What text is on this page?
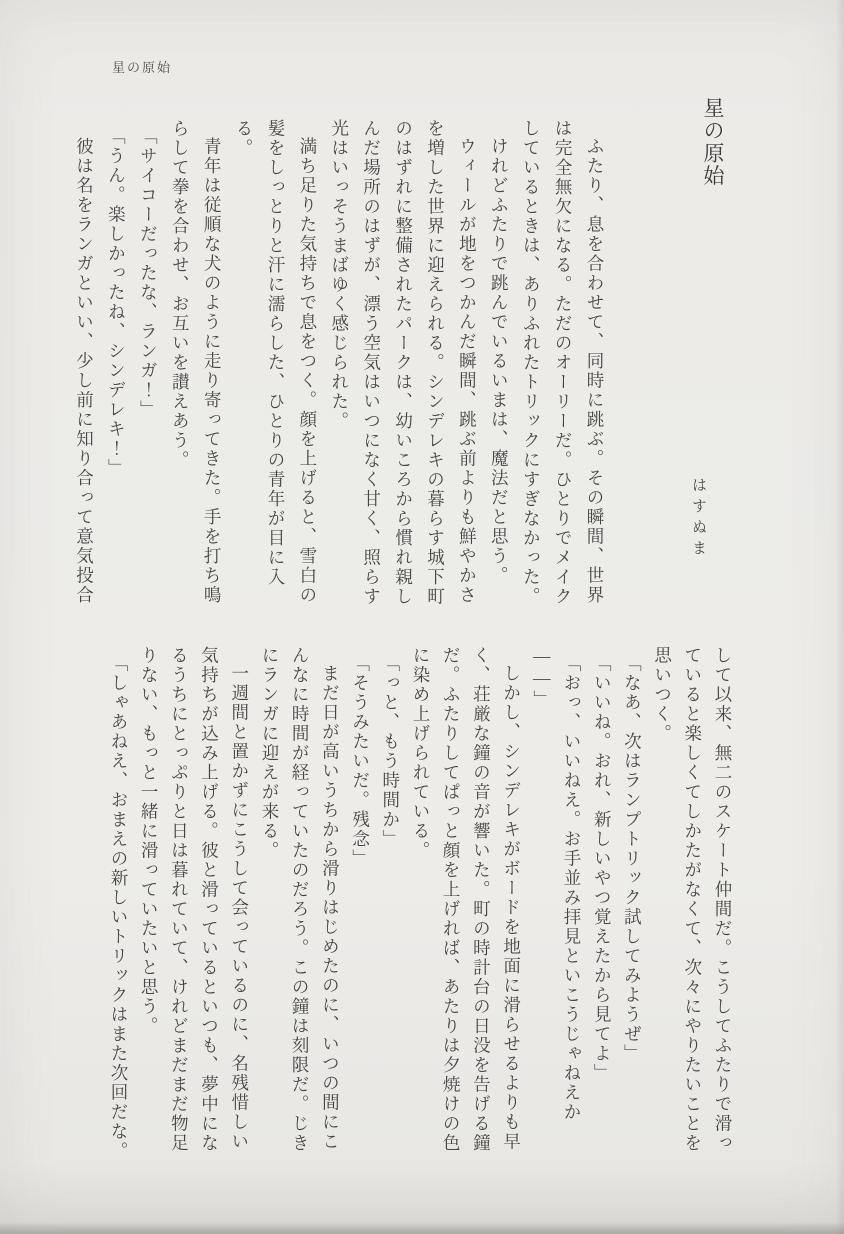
星の原始
星の原始
はすぬま

ふたり、息を合わせて、同時に跳ぶ。その瞬間、世界は完全無欠になる。ただのオーリーだ。ひとりでメイクしているときは、ありふれたトリックにすぎなかった。

けれどふたりで跳んでいるいまは、魔法だと思う。

ウィールが地をつかんだ瞬間、跳ぶ前よりも鮮やかさを増した世界に迎えられる。シンデレキの暮らす城下町のはずれに整備されたパークは、幼いころから慣れ親しんだ場所のはずが、漂う空気はいつになく甘く、照らす光はいっそうまばゆく感じられた。

満ち足りた気持ちで息をつく。顔を上げると、雪白の髪をしっとりと汗に濡らした、ひとりの青年が目に入る。

青年は従順な犬のように走り寄ってきた。手を打ち鳴らして拳を合わせ、お互いを讃えあう。

「サイコーだったな、ランガ！」

「うん。楽しかったね、シンデレキ！」

彼は名をランガといい、少し前に知り合って意気投合

して以来、無二のスケート仲間だ。こうしてふたりで滑っていると楽しくてしかたがなくて、次々にやりたいことを思いつく。

「なあ、次はランプトリック試してみようぜ」

「いいね。おれ、新しいやつ覚えたから見てよ」

「おっ、いいねえ。お手並み拝見といこうじゃねえか――」

しかし、シンデレキがボードを地面に滑らせるよりも早く、荘厳な鐘の音が響いた。町の時計台の日没を告げる鐘だ。ふたりしてぱっと顔を上げれば、あたりは夕焼けの色に染め上げられている。

「っと、もう時間か」

「そうみたいだ。残念」

まだ日が高いうちから滑りはじめたのに、いつの間にこんなに時間が経っていたのだろう。この鐘は刻限だ。じきにランガに迎えが来る。

一週間と置かずにこうして会っているのに、名残惜しい気持ちが込み上げる。彼と滑っているといつも、夢中になるうちにとっぷりと日は暮れていて、けれどまだまだ物足りない、もっと一緒に滑っていたいと思う。

「しゃあねえ、おまえの新しいトリックはまた次回だな。
